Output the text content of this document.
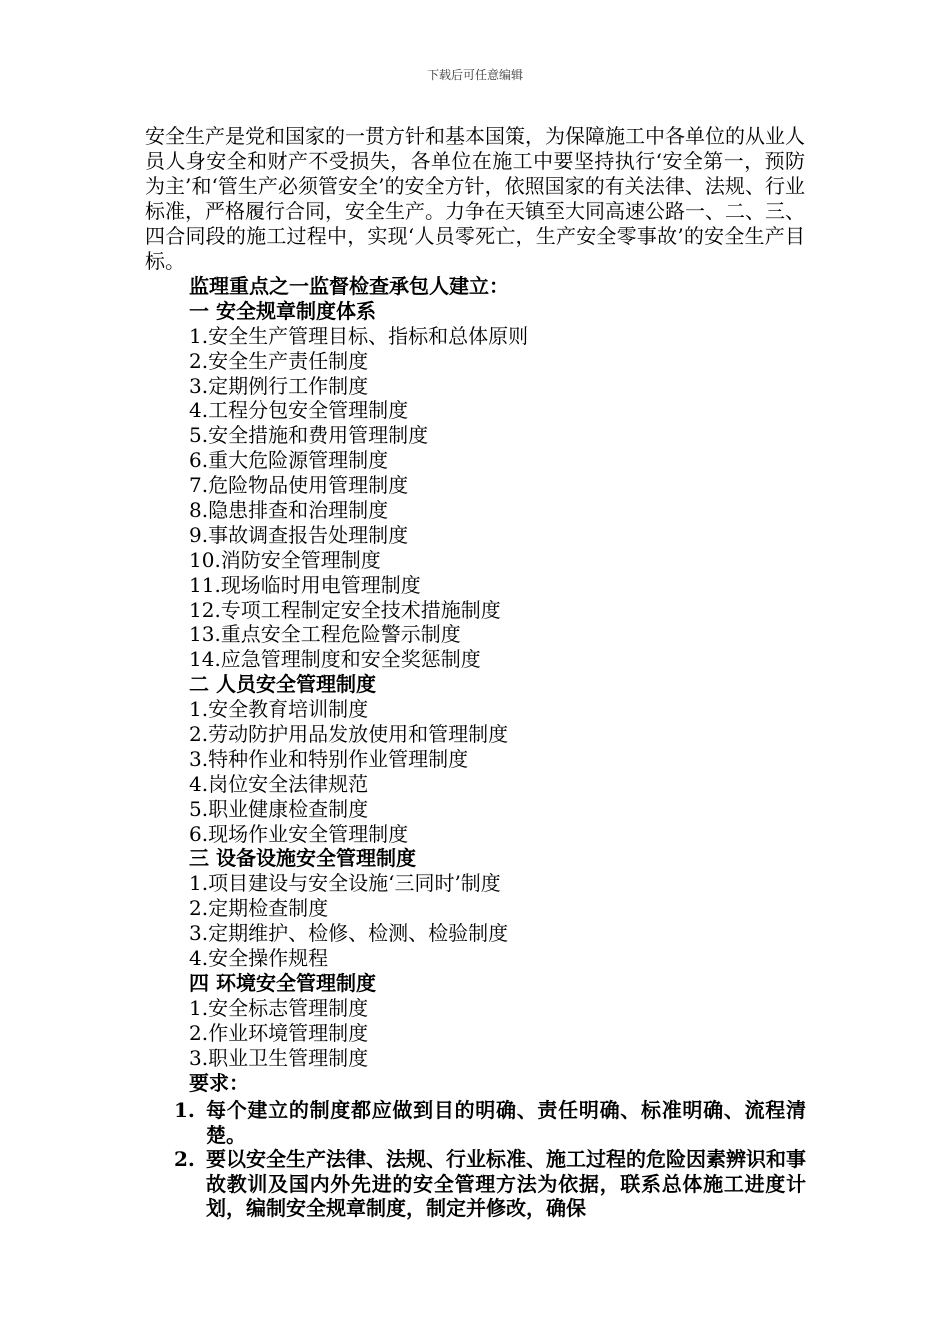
下载后可任意编辑

安全生产是党和国家的一贯方针和基本国策，为保障施工中各单位的从业人员人身安全和财产不受损失，各单位在施工中要坚持执行‘安全第一，预防为主’和‘管生产必须管安全’的安全方针，依照国家的有关法律、法规、行业标准，严格履行合同，安全生产。力争在天镇至大同高速公路一、二、三、四合同段的施工过程中，实现‘人员零死亡，生产安全零事故’的安全生产目标。

监理重点之一监督检查承包人建立：
一 安全规章制度体系
1.安全生产管理目标、指标和总体原则
2.安全生产责任制度
3.定期例行工作制度
4.工程分包安全管理制度
5.安全措施和费用管理制度
6.重大危险源管理制度
7.危险物品使用管理制度
8.隐患排查和治理制度
9.事故调查报告处理制度
10.消防安全管理制度
11.现场临时用电管理制度
12.专项工程制定安全技术措施制度
13.重点安全工程危险警示制度
14.应急管理制度和安全奖惩制度
二 人员安全管理制度
1.安全教育培训制度
2.劳动防护用品发放使用和管理制度
3.特种作业和特别作业管理制度
4.岗位安全法律规范
5.职业健康检查制度
6.现场作业安全管理制度
三 设备设施安全管理制度
1.项目建设与安全设施‘三同时’制度
2.定期检查制度
3.定期维护、检修、检测、检验制度
4.安全操作规程
四 环境安全管理制度
1.安全标志管理制度
2.作业环境管理制度
3.职业卫生管理制度
要求：
1. 每个建立的制度都应做到目的明确、责任明确、标准明确、流程清楚。
2. 要以安全生产法律、法规、行业标准、施工过程的危险因素辨识和事故教训及国内外先进的安全管理方法为依据，联系总体施工进度计划，编制安全规章制度，制定并修改，确保
